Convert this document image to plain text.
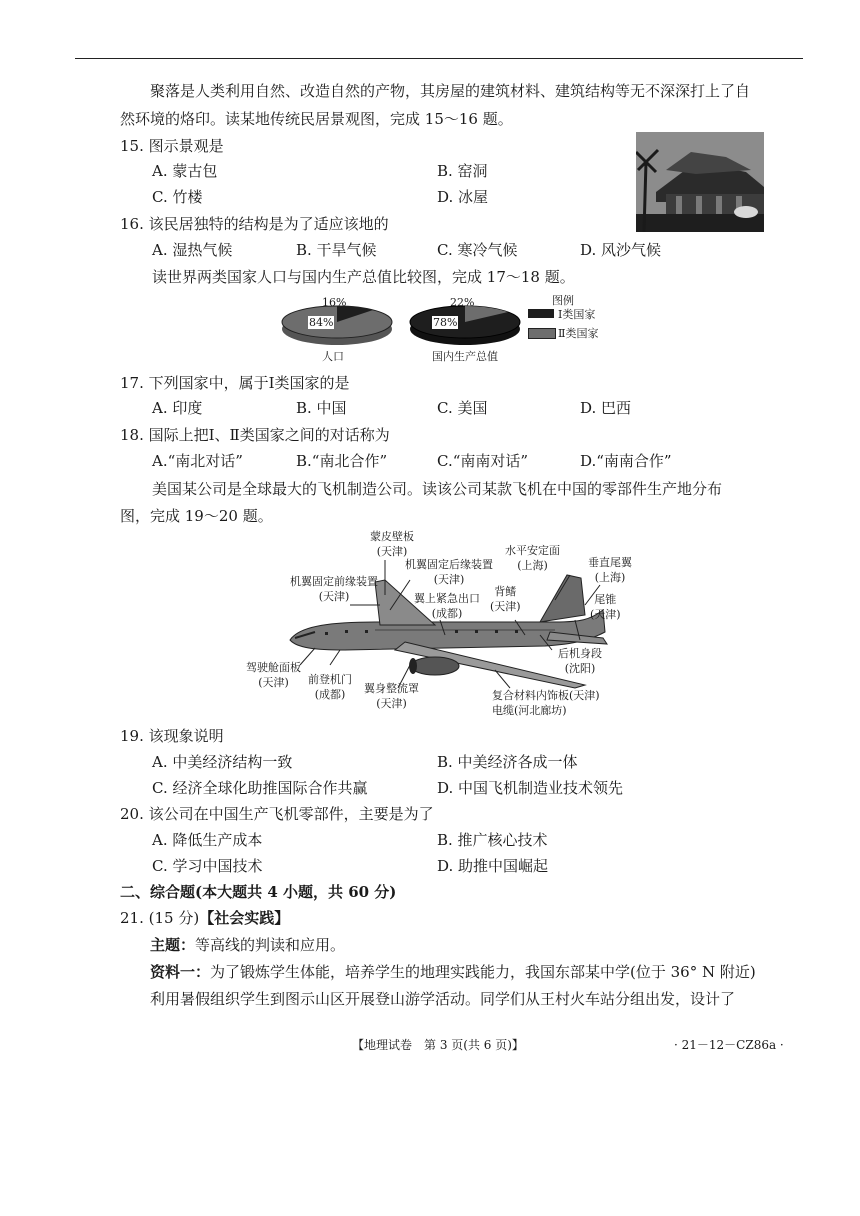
聚落是人类利用自然、改造自然的产物，其房屋的建筑材料、建筑结构等无不深深打上了自
然环境的烙印。读某地传统民居景观图，完成 15～16 题。
15. 图示景观是
A. 蒙古包	B. 窑洞
C. 竹楼	D. 冰屋
16. 该民居独特的结构是为了适应该地的
A. 湿热气候	B. 干旱气候	C. 寒冷气候	D. 风沙气候
读世界两类国家人口与国内生产总值比较图，完成 17～18 题。
16%
84%
人口
22%
78%
国内生产总值
图例
Ⅰ类国家
Ⅱ类国家
17. 下列国家中，属于Ⅰ类国家的是
A. 印度	B. 中国	C. 美国	D. 巴西
18. 国际上把Ⅰ、Ⅱ类国家之间的对话称为
A.“南北对话”	B.“南北合作”	C.“南南对话”	D.“南南合作”
美国某公司是全球最大的飞机制造公司。读该公司某款飞机在中国的零部件生产地分布
图，完成 19～20 题。
蒙皮壁板
(天津)
机翼固定后缘装置
(天津)
水平安定面
(上海)	垂直尾翼
(上海)
机翼固定前缘装置
(天津)	翼上紧急出口
(成都)
背鳍
(天津)
尾锥
(天津)
后机身段
(沈阳)
驾驶舱面板
(天津)	前登机门
(成都)	翼身整流罩
(天津)
复合材料内饰板(天津)
电缆(河北廊坊)
19. 该现象说明
A. 中美经济结构一致	B. 中美经济各成一体
C. 经济全球化助推国际合作共赢	D. 中国飞机制造业技术领先
20. 该公司在中国生产飞机零部件，主要是为了
A. 降低生产成本	B. 推广核心技术
C. 学习中国技术	D. 助推中国崛起
二、综合题(本大题共 4 小题，共 60 分)
21. (15 分)【社会实践】
主题：等高线的判读和应用。
资料一：为了锻炼学生体能，培养学生的地理实践能力，我国东部某中学(位于 36° N 附近)
利用暑假组织学生到图示山区开展登山游学活动。同学们从王村火车站分组出发，设计了
【地理试卷　第 3 页(共 6 页)】	· 21－12－CZ86a ·
